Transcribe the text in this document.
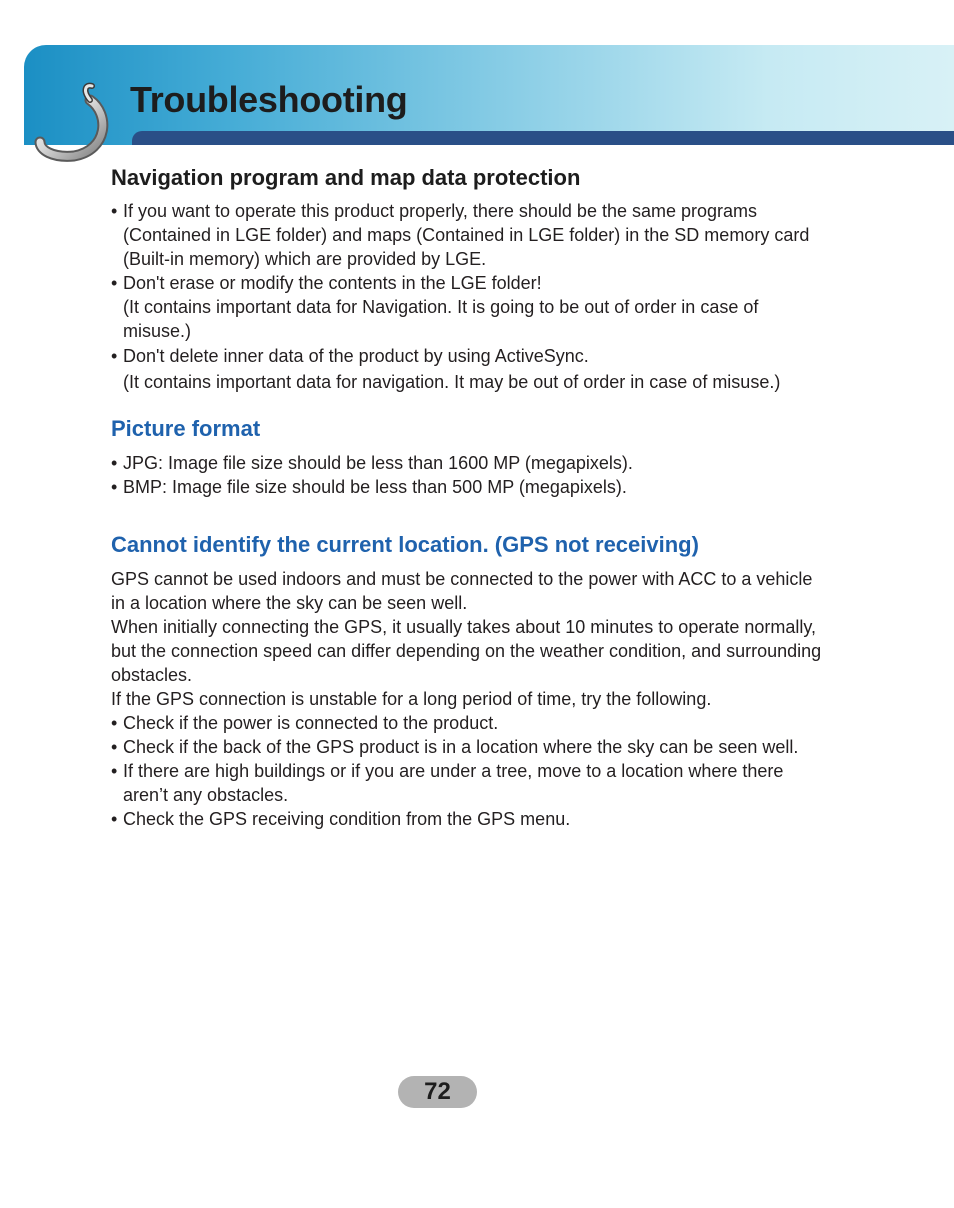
Troubleshooting
Navigation program and map data protection
• If you want to operate this product properly, there should be the same programs (Contained in LGE folder) and maps (Contained in LGE folder) in the SD memory card (Built-in memory) which are provided by LGE.
• Don't erase or modify the contents in the LGE folder!
(It contains important data for Navigation. It is going to be out of order in case of misuse.)
• Don't delete inner data of the product by using ActiveSync.
(It contains important data for navigation. It may be out of order in case of misuse.)
Picture format
• JPG: Image file size should be less than 1600 MP (megapixels).
• BMP: Image file size should be less than 500 MP (megapixels).
Cannot identify the current location. (GPS not receiving)

GPS cannot be used indoors and must be connected to the power with ACC to a vehicle in a location where the sky can be seen well.

When initially connecting the GPS, it usually takes about 10 minutes to operate normally, but the connection speed can differ depending on the weather condition, and surrounding obstacles.

If the GPS connection is unstable for a long period of time, try the following.

• Check if the power is connected to the product.
• Check if the back of the GPS product is in a location where the sky can be seen well.
• If there are high buildings or if you are under a tree, move to a location where there aren’t any obstacles.
• Check the GPS receiving condition from the GPS menu.
72
